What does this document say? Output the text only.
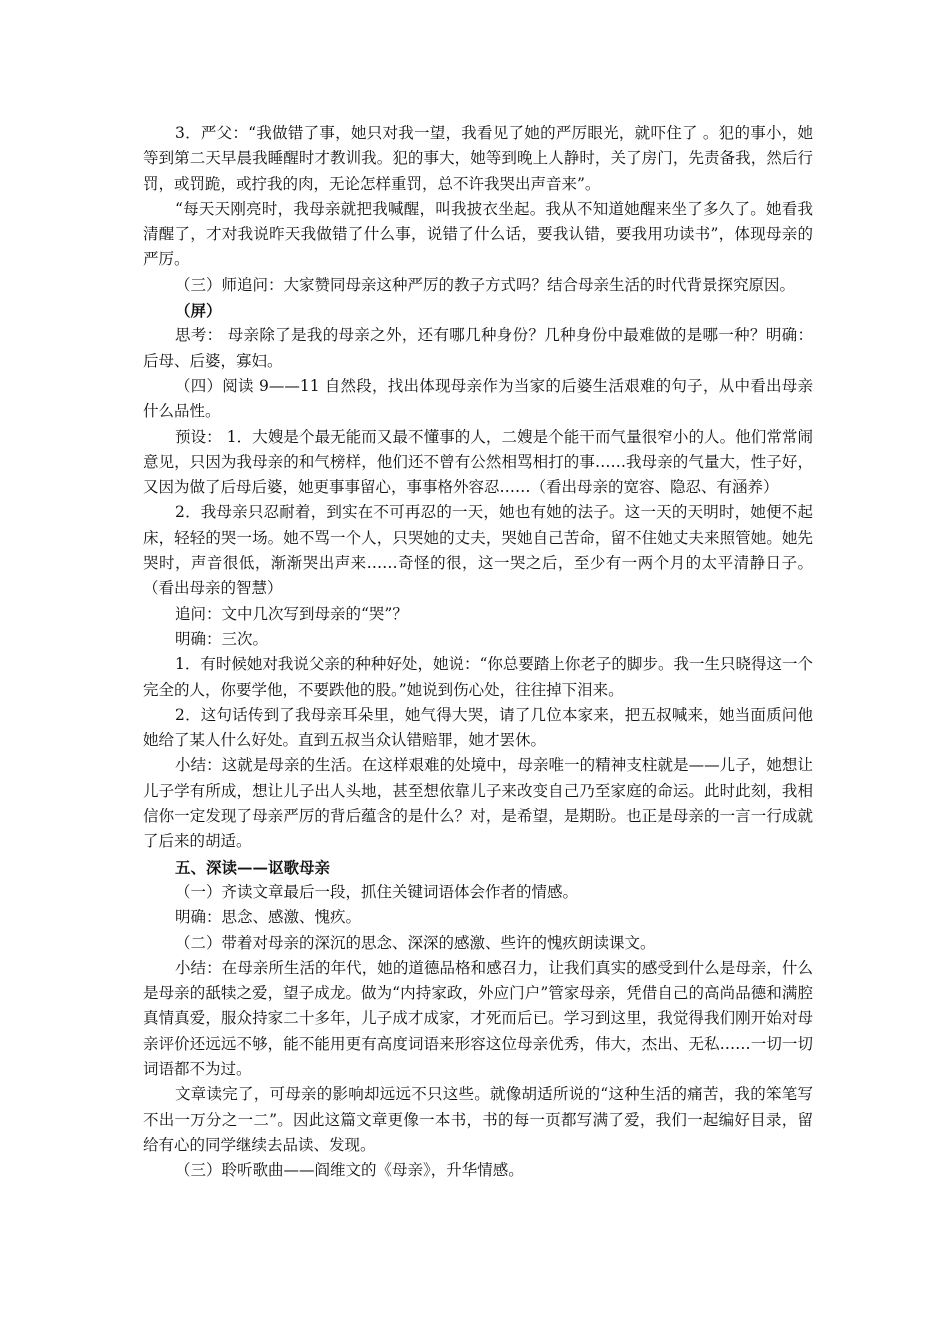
3．严父：“我做错了事，她只对我一望，我看见了她的严厉眼光，就吓住了 。犯的事小，她等到第二天早晨我睡醒时才教训我。犯的事大，她等到晚上人静时，关了房门，先责备我，然后行罚，或罚跪，或拧我的肉，无论怎样重罚，总不许我哭出声音来”。

“每天天刚亮时，我母亲就把我喊醒，叫我披衣坐起。我从不知道她醒来坐了多久了。她看我清醒了，才对我说昨天我做错了什么事，说错了什么话，要我认错，要我用功读书”，体现母亲的严厉。

（三）师追问：大家赞同母亲这种严厉的教子方式吗？结合母亲生活的时代背景探究原因。

（屏）

思考： 母亲除了是我的母亲之外，还有哪几种身份？几种身份中最难做的是哪一种？明确：后母、后婆，寡妇。

（四）阅读 9——11 自然段，找出体现母亲作为当家的后婆生活艰难的句子，从中看出母亲什么品性。

预设： 1．大嫂是个最无能而又最不懂事的人，二嫂是个能干而气量很窄小的人。他们常常闹意见，只因为我母亲的和气榜样，他们还不曾有公然相骂相打的事……我母亲的气量大，性子好，又因为做了后母后婆，她更事事留心，事事格外容忍……（看出母亲的宽容、隐忍、有涵养）

2．我母亲只忍耐着，到实在不可再忍的一天，她也有她的法子。这一天的天明时，她便不起床，轻轻的哭一场。她不骂一个人，只哭她的丈夫，哭她自己苦命，留不住她丈夫来照管她。她先哭时，声音很低，渐渐哭出声来……奇怪的很，这一哭之后，至少有一两个月的太平清静日子。 （看出母亲的智慧）

追问：文中几次写到母亲的“哭”？

明确：三次。

1．有时候她对我说父亲的种种好处，她说：“你总要踏上你老子的脚步。我一生只晓得这一个完全的人，你要学他，不要跌他的股。”她说到伤心处，往往掉下泪来。

2．这句话传到了我母亲耳朵里，她气得大哭，请了几位本家来，把五叔喊来，她当面质问他她给了某人什么好处。直到五叔当众认错赔罪，她才罢休。

小结：这就是母亲的生活。在这样艰难的处境中，母亲唯一的精神支柱就是——儿子，她想让儿子学有所成，想让儿子出人头地，甚至想依靠儿子来改变自己乃至家庭的命运。此时此刻，我相信你一定发现了母亲严厉的背后蕴含的是什么？对，是希望，是期盼。也正是母亲的一言一行成就了后来的胡适。

五、深读——讴歌母亲

（一）齐读文章最后一段，抓住关键词语体会作者的情感。

明确：思念、感激、愧疚。

（二）带着对母亲的深沉的思念、深深的感激、些许的愧疚朗读课文。

小结：在母亲所生活的年代，她的道德品格和感召力，让我们真实的感受到什么是母亲，什么是母亲的舐犊之爱，望子成龙。做为“内持家政，外应门户”管家母亲，凭借自己的高尚品德和满腔真情真爱，服众持家二十多年，儿子成才成家，才死而后已。学习到这里，我觉得我们刚开始对母亲评价还远远不够，能不能用更有高度词语来形容这位母亲优秀，伟大，杰出、无私……一切一切词语都不为过。

文章读完了，可母亲的影响却远远不只这些。就像胡适所说的“这种生活的痛苦，我的笨笔写不出一万分之一二”。因此这篇文章更像一本书，书的每一页都写满了爱，我们一起编好目录，留给有心的同学继续去品读、发现。

（三）聆听歌曲——阎维文的《母亲》，升华情感。
